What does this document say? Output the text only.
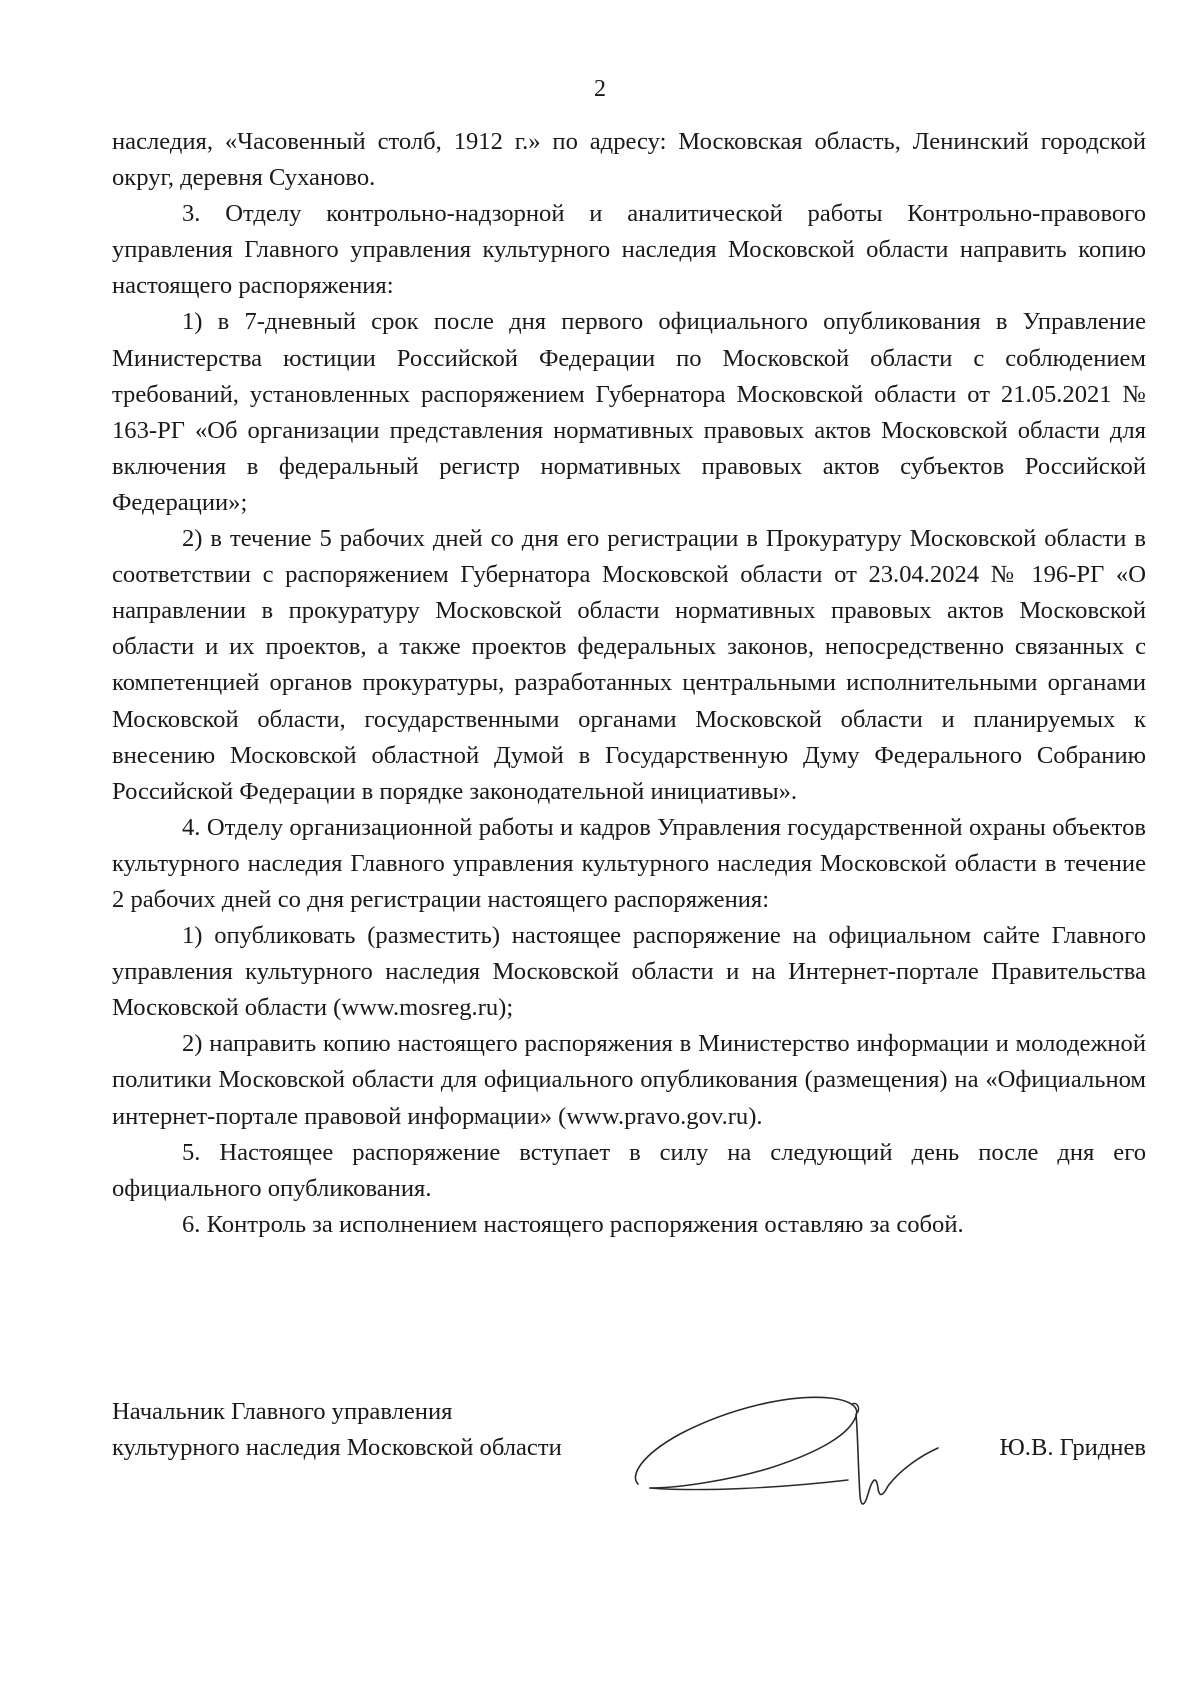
2

наследия, «Часовенный столб, 1912 г.» по адресу: Московская область, Ленинский городской округ, деревня Суханово.

3. Отделу контрольно-надзорной и аналитической работы Контрольно-правового управления Главного управления культурного наследия Московской области направить копию настоящего распоряжения:

1) в 7-дневный срок после дня первого официального опубликования в Управление Министерства юстиции Российской Федерации по Московской области с соблюдением требований, установленных распоряжением Губернатора Московской области от 21.05.2021 № 163-РГ «Об организации представления нормативных правовых актов Московской области для включения в федеральный регистр нормативных правовых актов субъектов Российской Федерации»;

2) в течение 5 рабочих дней со дня его регистрации в Прокуратуру Московской области в соответствии с распоряжением Губернатора Московской области от 23.04.2024 № 196-РГ «О направлении в прокуратуру Московской области нормативных правовых актов Московской области и их проектов, а также проектов федеральных законов, непосредственно связанных с компетенцией органов прокуратуры, разработанных центральными исполнительными органами Московской области, государственными органами Московской области и планируемых к внесению Московской областной Думой в Государственную Думу Федерального Собранию Российской Федерации в порядке законодательной инициативы».

4. Отделу организационной работы и кадров Управления государственной охраны объектов культурного наследия Главного управления культурного наследия Московской области в течение 2 рабочих дней со дня регистрации настоящего распоряжения:

1) опубликовать (разместить) настоящее распоряжение на официальном сайте Главного управления культурного наследия Московской области и на Интернет-портале Правительства Московской области (www.mosreg.ru);

2) направить копию настоящего распоряжения в Министерство информации и молодежной политики Московской области для официального опубликования (размещения) на «Официальном интернет-портале правовой информации» (www.pravo.gov.ru).

5. Настоящее распоряжение вступает в силу на следующий день после дня его официального опубликования.

6. Контроль за исполнением настоящего распоряжения оставляю за собой.

Начальник Главного управления
культурного наследия Московской области	Ю.В. Гриднев
